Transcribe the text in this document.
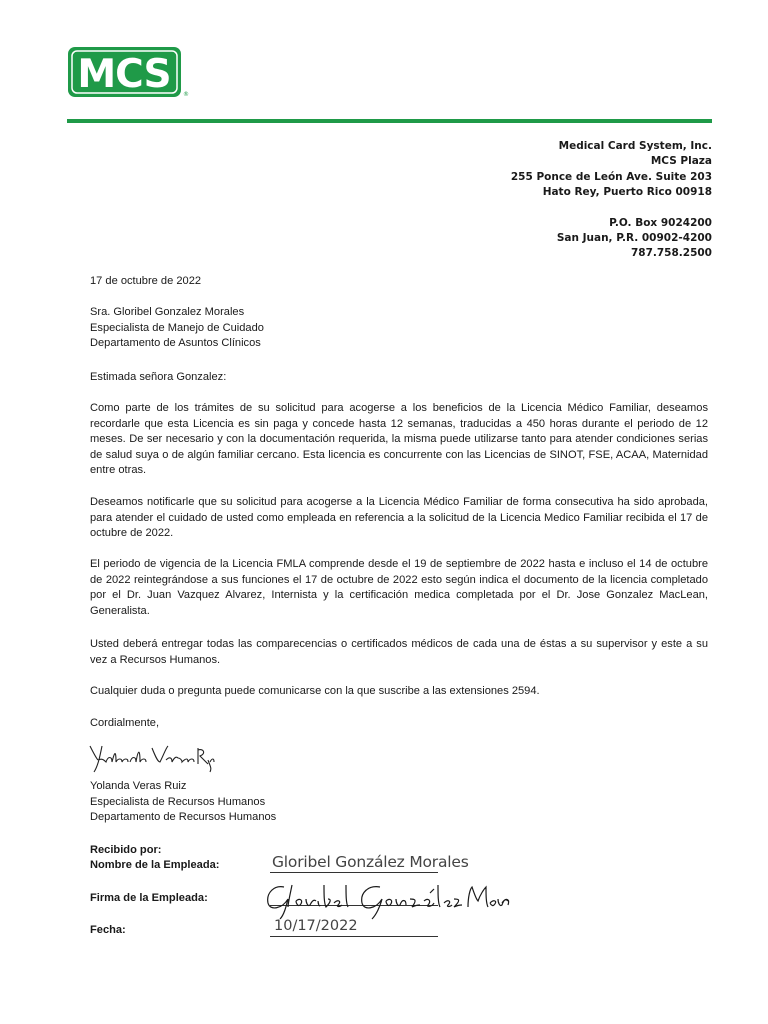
MCS ®
Medical Card System, Inc.
MCS Plaza
255 Ponce de León Ave. Suite 203
Hato Rey, Puerto Rico 00918
P.O. Box 9024200
San Juan, P.R. 00902-4200
787.758.2500
17 de octubre de 2022
Sra. Gloribel Gonzalez Morales
Especialista de Manejo de Cuidado
Departamento de Asuntos Clínicos
Estimada señora Gonzalez:
Como parte de los trámites de su solicitud para acogerse a los beneficios de la Licencia Médico Familiar, deseamos recordarle que esta Licencia es sin paga y concede hasta 12 semanas, traducidas a 450 horas durante el periodo de 12 meses. De ser necesario y con la documentación requerida, la misma puede utilizarse tanto para atender condiciones serias de salud suya o de algún familiar cercano. Esta licencia es concurrente con las Licencias de SINOT, FSE, ACAA, Maternidad entre otras.
Deseamos notificarle que su solicitud para acogerse a la Licencia Médico Familiar de forma consecutiva ha sido aprobada, para atender el cuidado de usted como empleada en referencia a la solicitud de la Licencia Medico Familiar recibida el 17 de octubre de 2022.
El periodo de vigencia de la Licencia FMLA comprende desde el 19 de septiembre de 2022 hasta e incluso el 14 de octubre de 2022 reintegrándose a sus funciones el 17 de octubre de 2022 esto según indica el documento de la licencia completado por el Dr. Juan Vazquez Alvarez, Internista y la certificación medica completada por el Dr. Jose Gonzalez MacLean, Generalista.
Usted deberá entregar todas las comparecencias o certificados médicos de cada una de éstas a su supervisor y este a su vez a Recursos Humanos.
Cualquier duda o pregunta puede comunicarse con la que suscribe a las extensiones 2594.
Cordialmente,
Yolanda Veras Ruiz
Especialista de Recursos Humanos
Departamento de Recursos Humanos
Recibido por:
Nombre de la Empleada:
Firma de la Empleada:
Fecha:
Gloribel González Morales
10/17/2022
